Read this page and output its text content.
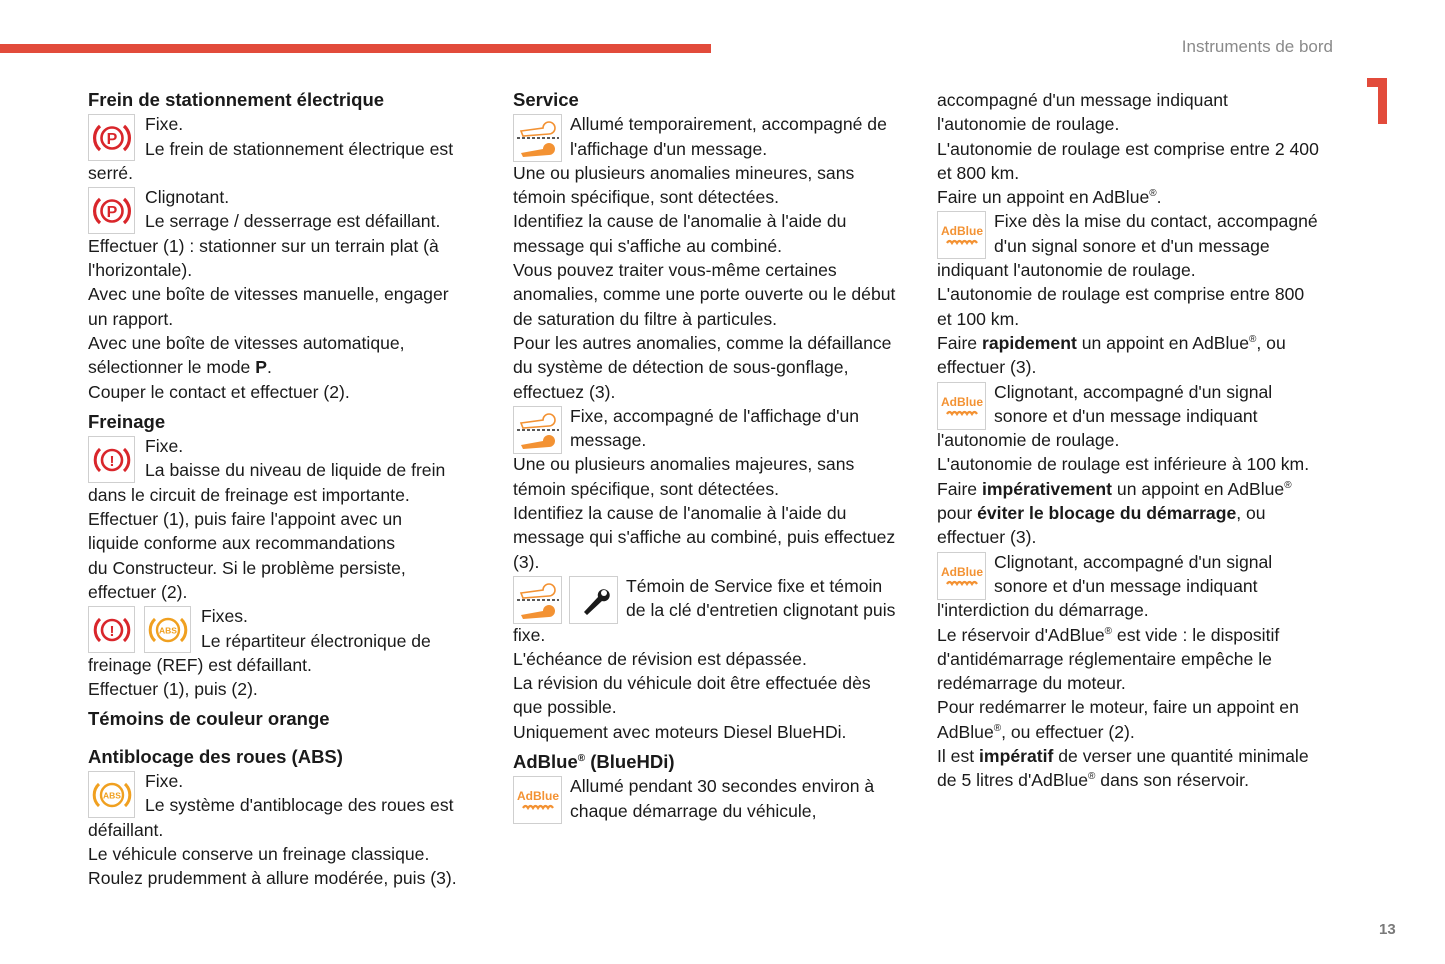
Instruments de bord
13
Frein de stationnement électrique
P
Fixe.
Le frein de stationnement électrique est
serré.
P
Clignotant.
Le serrage / desserrage est défaillant.
Effectuer (1) : stationner sur un terrain plat (à
l'horizontale).
Avec une boîte de vitesses manuelle, engager
un rapport.
Avec une boîte de vitesses automatique,
sélectionner le mode P.
Couper le contact et effectuer (2).
Freinage
!
Fixe.
La baisse du niveau de liquide de frein
dans le circuit de freinage est importante.
Effectuer (1), puis faire l'appoint avec un
liquide conforme aux recommandations
du Constructeur. Si le problème persiste,
effectuer (2).
!	ABS
Fixes.
Le répartiteur électronique de
freinage (REF) est défaillant.
Effectuer (1), puis (2).
Témoins de couleur orange
Antiblocage des roues (ABS)
ABS
Fixe.
Le système d'antiblocage des roues est
défaillant.
Le véhicule conserve un freinage classique.
Roulez prudemment à allure modérée, puis (3).
Service
Allumé temporairement, accompagné de
l'affichage d'un message.
Une ou plusieurs anomalies mineures, sans
témoin spécifique, sont détectées.
Identifiez la cause de l'anomalie à l'aide du
message qui s'affiche au combiné.
Vous pouvez traiter vous-même certaines
anomalies, comme une porte ouverte ou le début
de saturation du filtre à particules.
Pour les autres anomalies, comme la défaillance
du système de détection de sous-gonflage,
effectuez (3).
Fixe, accompagné de l'affichage d'un
message.
Une ou plusieurs anomalies majeures, sans
témoin spécifique, sont détectées.
Identifiez la cause de l'anomalie à l'aide du
message qui s'affiche au combiné, puis effectuez
(3).
Témoin de Service fixe et témoin
de la clé d'entretien clignotant puis
fixe.
L'échéance de révision est dépassée.
La révision du véhicule doit être effectuée dès
que possible.
Uniquement avec moteurs Diesel BlueHDi.
AdBlue® (BlueHDi)
AdBlue Allumé pendant 30 secondes environ à
chaque démarrage du véhicule,
accompagné d'un message indiquant
l'autonomie de roulage.
L'autonomie de roulage est comprise entre 2 400
et 800 km.
Faire un appoint en AdBlue®.
AdBlue Fixe dès la mise du contact, accompagné
d'un signal sonore et d'un message
indiquant l'autonomie de roulage.
L'autonomie de roulage est comprise entre 800
et 100 km.
Faire rapidement un appoint en AdBlue®, ou
effectuer (3).
AdBlue Clignotant, accompagné d'un signal
sonore et d'un message indiquant
l'autonomie de roulage.
L'autonomie de roulage est inférieure à 100 km.
Faire impérativement un appoint en AdBlue®
pour éviter le blocage du démarrage, ou
effectuer (3).
AdBlue Clignotant, accompagné d'un signal
sonore et d'un message indiquant
l'interdiction du démarrage.
Le réservoir d'AdBlue® est vide : le dispositif
d'antidémarrage réglementaire empêche le
redémarrage du moteur.
Pour redémarrer le moteur, faire un appoint en
AdBlue®, ou effectuer (2).
Il est impératif de verser une quantité minimale
de 5 litres d'AdBlue® dans son réservoir.
